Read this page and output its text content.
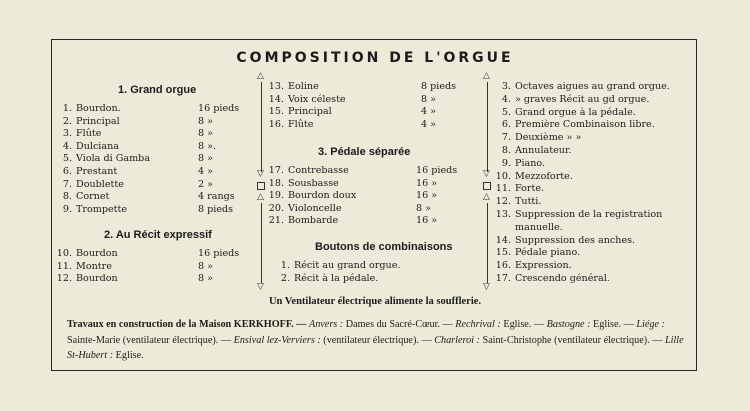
COMPOSITION DE L'ORGUE
1. Grand orgue
1. Bourdon.	16 pieds
2. Principal	8 »
3. Flûte	8 »
4. Dulciana	8 ».
5. Viola di Gamba	8 »
6. Prestant	4 »
7. Doublette	2 »
8. Cornet	4 rangs
9. Trompette	8 pieds
2. Au Récit expressif
10. Bourdon	16 pieds
11. Montre	8 »
12. Bourdon	8 »
13. Eoline	8 pieds
14. Voix céleste	8 »
15. Principal	4 »
16. Flûte	4 »
3. Pédale séparée
17. Contrebasse	16 pieds
18. Sousbasse	16 »
19. Bourdon doux	16 »
20. Violoncelle	8 »
21. Bombarde	16 »
Boutons de combinaisons
1. Récit au grand orgue.
2. Récit à la pédale.
3. Octaves aigues au grand orgue.
4. » graves Récit au gd orgue.
5. Grand orgue à la pédale.
6. Première Combinaison libre.
7. Deuxième » »
8. Annulateur.
9. Piano.
10. Mezzoforte.
11. Forte.
12. Tutti.
13. Suppression de la registration
manuelle.
14. Suppression des anches.
15. Pédale piano.
16. Expression.
17. Crescendo général.
△
▽
△
▽
△
▽
△
▽
Un Ventilateur électrique alimente la soufflerie.
Travaux en construction de la Maison KERKHOFF. — Anvers : Dames du Sacré-Cœur. — Rechrival : Eglise. — Bastogne : Eglise. — Liége : Sainte-Marie (ventilateur électrique). — Ensival lez-Verviers : (ventilateur électrique). — Charleroi : Saint-Christophe (ventilateur électrique). — Lille St-Hubert : Eglise.
